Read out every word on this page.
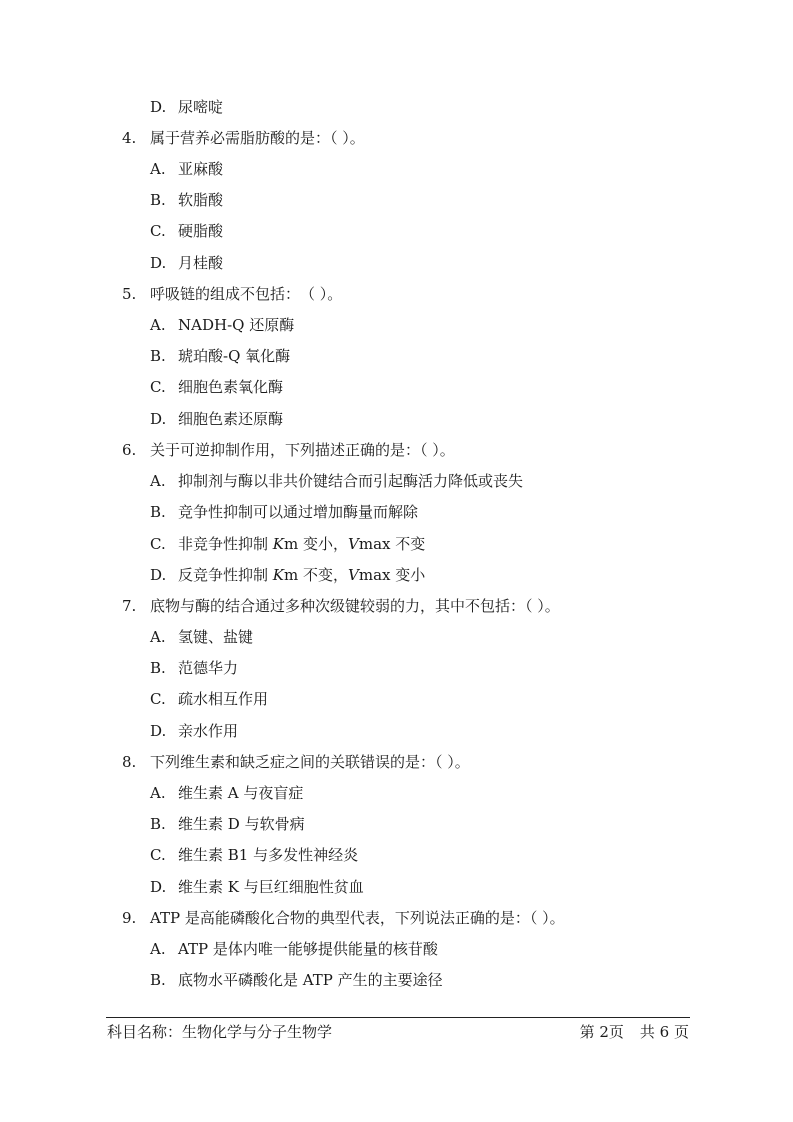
D. 尿嘧啶
4. 属于营养必需脂肪酸的是：（ ）。
A. 亚麻酸
B. 软脂酸
C. 硬脂酸
D. 月桂酸
5. 呼吸链的组成不包括：　（ ）。
A. NADH-Q 还原酶
B. 琥珀酸-Q 氧化酶
C. 细胞色素氧化酶
D. 细胞色素还原酶
6. 关于可逆抑制作用，下列描述正确的是：（ ）。
A. 抑制剂与酶以非共价键结合而引起酶活力降低或丧失
B. 竞争性抑制可以通过增加酶量而解除
C. 非竞争性抑制 Km 变小，Vmax 不变
D. 反竞争性抑制 Km 不变，Vmax 变小
7. 底物与酶的结合通过多种次级键较弱的力，其中不包括：（ ）。
A. 氢键、盐键
B. 范德华力
C. 疏水相互作用
D. 亲水作用
8. 下列维生素和缺乏症之间的关联错误的是：（ ）。
A. 维生素 A 与夜盲症
B. 维生素 D 与软骨病
C. 维生素 B1 与多发性神经炎
D. 维生素 K 与巨红细胞性贫血
9. ATP 是高能磷酸化合物的典型代表，下列说法正确的是：（ ）。
A. ATP 是体内唯一能够提供能量的核苷酸
B. 底物水平磷酸化是 ATP 产生的主要途径
科目名称：生物化学与分子生物学	第 2页 共 6 页
